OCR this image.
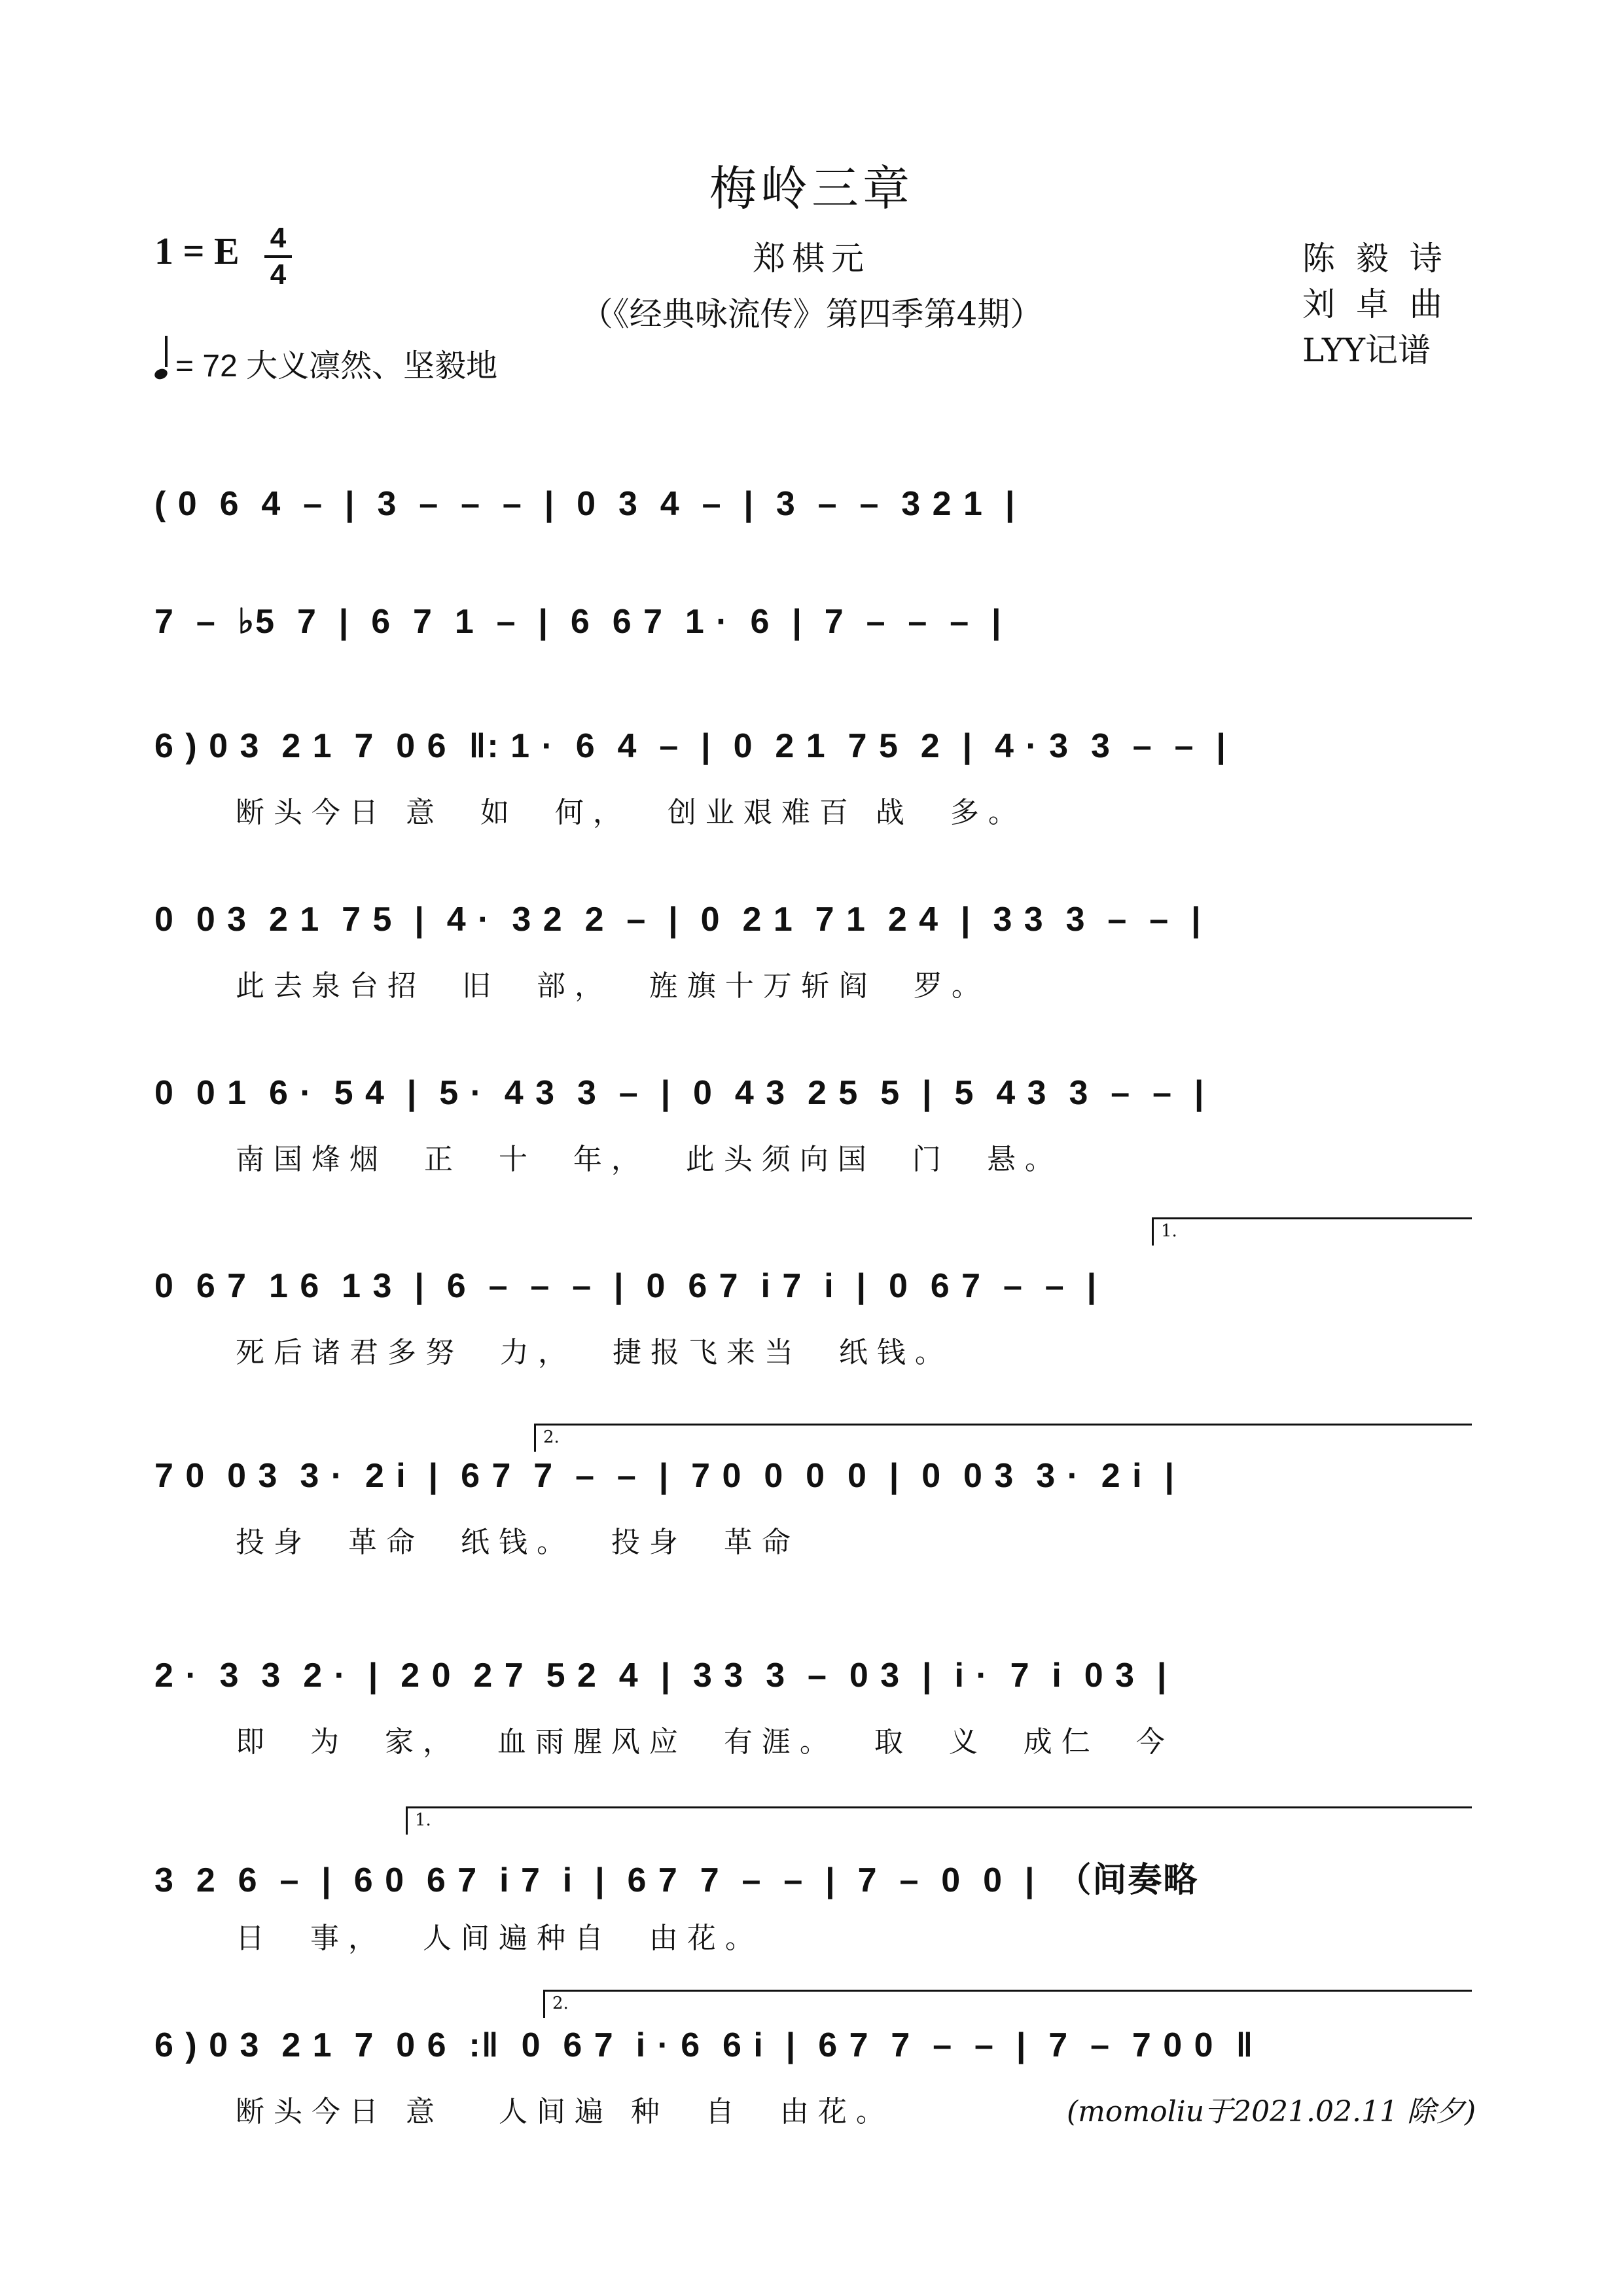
梅岭三章
1 = E 4
4	郑棋元
（《经典咏流传》第四季第4期）
陈 毅 诗
刘 卓 曲
LYY记谱
= 72 大义凛然、坚毅地
( 0  6  4  –  |  3  –  –  –  |  0  3  4  –  |  3  –  –  3 2 1  |
7  –  ♭5  7  |  6  7  1  –  |  6  6 7  1 ·  6  |  7  –  –  –  |
6 ) 0 3  2 1  7  0 6  ‖: 1 ·  6  4  –  |  0  2 1  7 5  2  |  4 · 3  3  –  –  |
断头今日 意  如  何，  创业艰难百 战  多。
0  0 3  2 1  7 5  |  4 ·  3 2  2  –  |  0  2 1  7 1  2 4  |  3 3  3  –  –  |
此去泉台招  旧  部，  旌旗十万斩阎  罗。
0  0 1  6 ·  5 4  |  5 ·  4 3  3  –  |  0  4 3  2 5  5  |  5  4 3  3  –  –  |
南国烽烟  正  十  年，  此头须向国  门  悬。
0  6 7  1 6  1 3  |  6  –  –  –  |  0  6 7  i 7  i  |  0  6 7  –  –  |
死后诸君多努  力，  捷报飞来当  纸钱。
7 0  0 3  3 ·  2 i  |  6 7  7  –  –  |  7 0  0  0  0  |  0  0 3  3 ·  2 i  |
投身  革命  纸钱。  投身  革命
2 ·  3  3  2 ·  |  2 0  2 7  5 2  4  |  3 3  3  –  0 3  |  i ·  7  i  0 3  |
即  为  家，  血雨腥风应  有涯。  取  义  成仁  今
3  2  6  –  |  6 0  6 7  i 7  i  |  6 7  7  –  –  |  7  –  0  0  |  （间奏略
日  事，  人间遍种自  由花。
6 ) 0 3  2 1  7  0 6  :‖  0  6 7  i · 6  6 i  |  6 7  7  –  –  |  7  –  7 0 0  ‖
断头今日 意   人间遍 种  自  由花。
1.
2.
1.
2.
(momoliu于2021.02.11 除夕)
